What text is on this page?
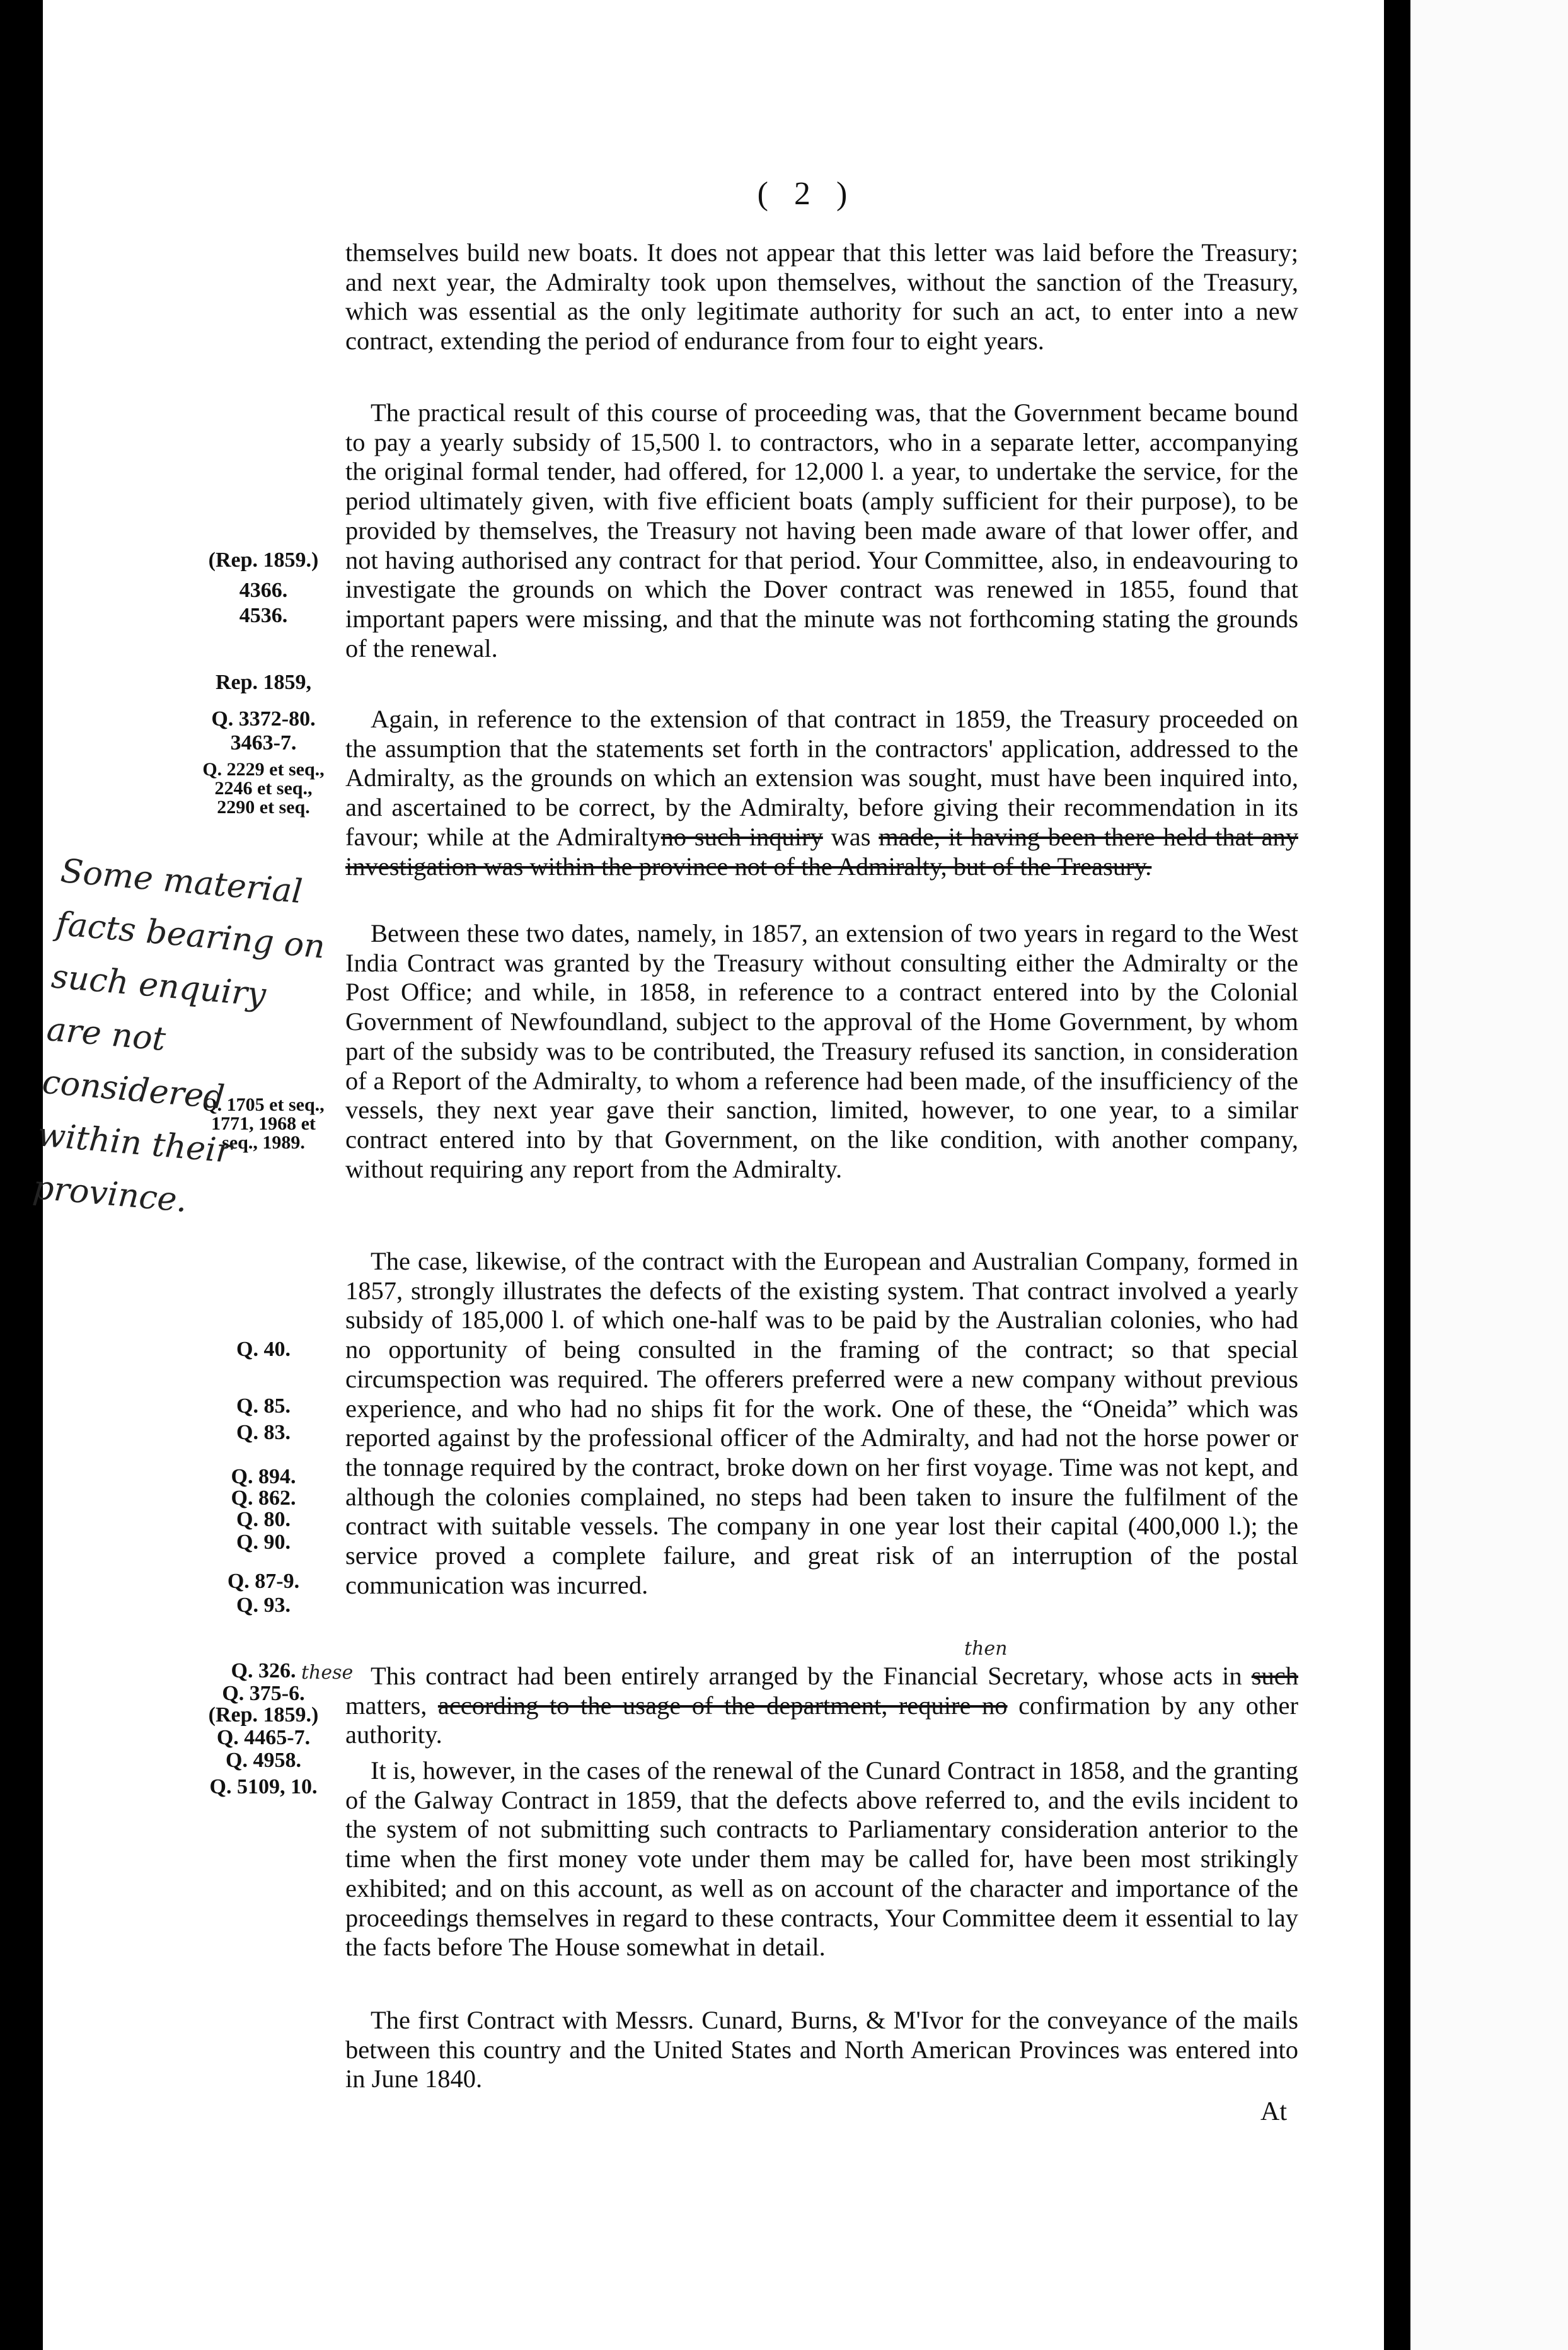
( 2 )

themselves build new boats. It does not appear that this letter was laid before the Treasury; and next year, the Admiralty took upon themselves, without the sanction of the Treasury, which was essential as the only legitimate authority for such an act, to enter into a new contract, extending the period of endurance from four to eight years.

The practical result of this course of proceeding was, that the Government became bound to pay a yearly subsidy of 15,500 l. to contractors, who in a separate letter, accompanying the original formal tender, had offered, for 12,000 l. a year, to undertake the service, for the period ultimately given, with five efficient boats (amply sufficient for their purpose), to be provided by themselves, the Treasury not having been made aware of that lower offer, and not having authorised any contract for that period. Your Committee, also, in endeavouring to investigate the grounds on which the Dover contract was renewed in 1855, found that important papers were missing, and that the minute was not forthcoming stating the grounds of the renewal.

Again, in reference to the extension of that contract in 1859, the Treasury proceeded on the assumption that the statements set forth in the contractors' application, addressed to the Admiralty, as the grounds on which an extension was sought, must have been inquired into, and ascertained to be correct, by the Admiralty, before giving their recommendation in its favour; while at the Admiraltyno such inquiry was made, it having been there held that any investigation was within the province not of the Admiralty, but of the Treasury.

Between these two dates, namely, in 1857, an extension of two years in regard to the West India Contract was granted by the Treasury without consulting either the Admiralty or the Post Office; and while, in 1858, in reference to a contract entered into by the Colonial Government of Newfoundland, subject to the approval of the Home Government, by whom part of the subsidy was to be contributed, the Treasury refused its sanction, in consideration of a Report of the Admiralty, to whom a reference had been made, of the insufficiency of the vessels, they next year gave their sanction, limited, however, to one year, to a similar contract entered into by that Government, on the like condition, with another company, without requiring any report from the Admiralty.

The case, likewise, of the contract with the European and Australian Company, formed in 1857, strongly illustrates the defects of the existing system. That contract involved a yearly subsidy of 185,000 l. of which one-half was to be paid by the Australian colonies, who had no opportunity of being consulted in the framing of the contract; so that special circumspection was required. The offerers preferred were a new company without previous experience, and who had no ships fit for the work. One of these, the “Oneida” which was reported against by the professional officer of the Admiralty, and had not the horse power or the tonnage required by the contract, broke down on her first voyage. Time was not kept, and although the colonies complained, no steps had been taken to insure the fulfilment of the contract with suitable vessels. The company in one year lost their capital (400,000 l.); the service proved a complete failure, and great risk of an interruption of the postal communication was incurred.

This contract had been entirely arranged by the Financial Secretary, whose acts in such matters, according to the usage of the department, require no confirmation by any other authority.

It is, however, in the cases of the renewal of the Cunard Contract in 1858, and the granting of the Galway Contract in 1859, that the defects above referred to, and the evils incident to the system of not submitting such contracts to Parliamentary consideration anterior to the time when the first money vote under them may be called for, have been most strikingly exhibited; and on this account, as well as on account of the character and importance of the proceedings themselves in regard to these contracts, Your Committee deem it essential to lay the facts before The House somewhat in detail.

The first Contract with Messrs. Cunard, Burns, & M'Ivor for the conveyance of the mails between this country and the United States and North American Provinces was entered into in June 1840.

At

(Rep. 1859.)

4366.

4536.

Rep. 1859,

Q. 3372-80.

3463-7.

Q. 2229 et seq., 2246 et seq., 2290 et seq.

Q. 1705 et seq., 1771, 1968 et seq., 1989.

Q. 40.

Q. 85.

Q. 83.

Q. 894.

Q. 862.

Q. 80.

Q. 90.

Q. 87-9.

Q. 93.

Q. 326.

Q. 375-6.

(Rep. 1859.)

Q. 4465-7.

Q. 4958.

Q. 5109, 10.

Some material facts bearing on such enquiry are not considered within their province.
these
then
